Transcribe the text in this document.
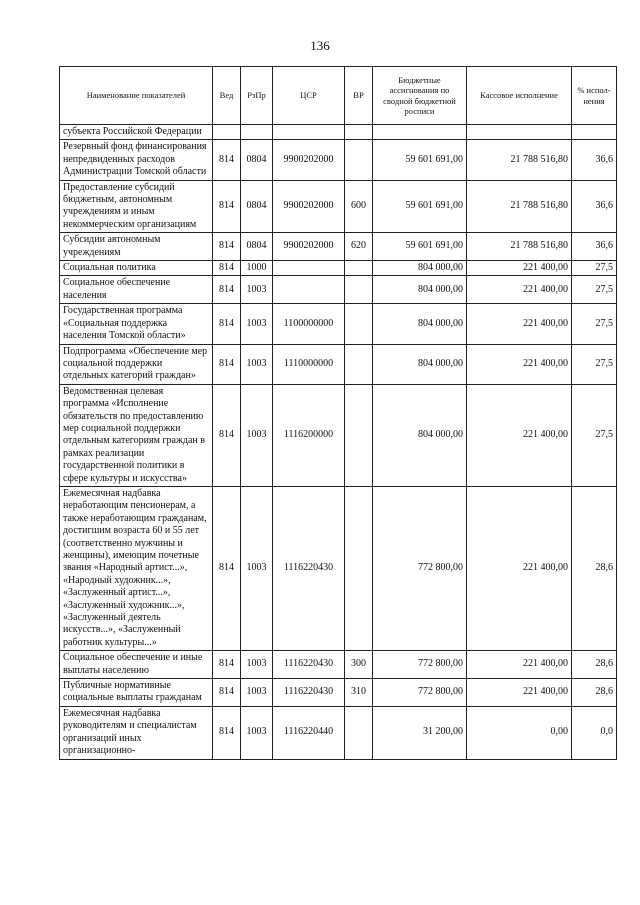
136
Наименование показателей	Вед	РзПр	ЦСР	ВР	Бюджетные ассигнования по сводной бюджетной росписи	Кассовое исполнение	% испол-нения
субъекта Российской Федерации							
Резервный фонд финансирования непредвиденных расходов Администрации Томской области	814	0804	9900202000		59 601 691,00	21 788 516,80	36,6
Предоставление субсидий бюджетным, автономным учреждениям и иным некоммерческим организациям	814	0804	9900202000	600	59 601 691,00	21 788 516,80	36,6
Субсидии автономным учреждениям	814	0804	9900202000	620	59 601 691,00	21 788 516,80	36,6
Социальная политика	814	1000			804 000,00	221 400,00	27,5
Социальное обеспечение населения	814	1003			804 000,00	221 400,00	27,5
Государственная программа «Социальная поддержка населения Томской области»	814	1003	1100000000		804 000,00	221 400,00	27,5
Подпрограмма «Обеспечение мер социальной поддержки отдельных категорий граждан»	814	1003	1110000000		804 000,00	221 400,00	27,5
Ведомственная целевая программа «Исполнение обязательств по предоставлению мер социальной поддержки отдельным категориям граждан в рамках реализации государственной политики в сфере культуры и искусства»	814	1003	1116200000		804 000,00	221 400,00	27,5
Ежемесячная надбавка неработающим пенсионерам, а также неработающим гражданам, достигшим возраста 60 и 55 лет (соответственно мужчины и женщины), имеющим почетные звания «Народный артист...», «Народный художник...», «Заслуженный артист...», «Заслуженный художник...», «Заслуженный деятель искусств...», «Заслуженный работник культуры...»	814	1003	1116220430		772 800,00	221 400,00	28,6
Социальное обеспечение и иные выплаты населению	814	1003	1116220430	300	772 800,00	221 400,00	28,6
Публичные нормативные социальные выплаты гражданам	814	1003	1116220430	310	772 800,00	221 400,00	28,6
Ежемесячная надбавка руководителям и специалистам организаций иных организационно-	814	1003	1116220440		31 200,00	0,00	0,0
